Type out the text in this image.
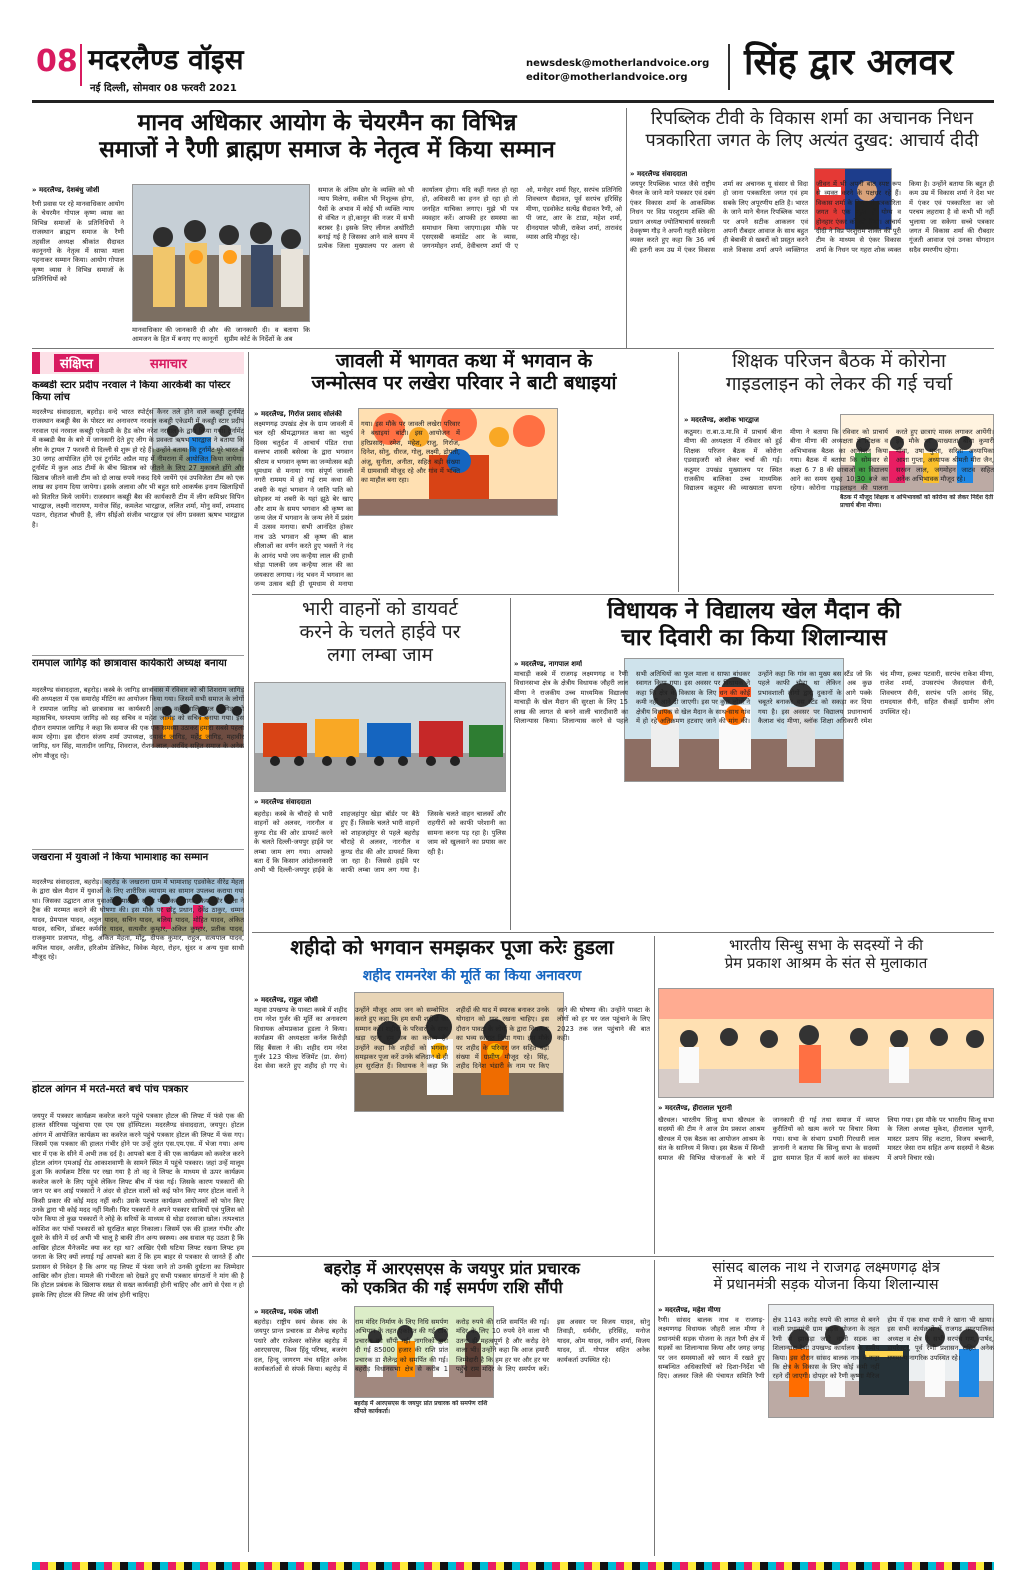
08 मदरलैण्ड वॉइस
नई दिल्ली, सोमवार 08 फरवरी 2021
newsdesk@motherlandvoice.org
editor@motherlandvoice.org सिंह द्वार अलवर
मानव अधिकार आयोग के चेयरमैन का विभिन्न
समाजों ने रैणी ब्राह्मण समाज के नेतृत्व में किया सम्मान
» मदरलैण्ड, देशबंधु जोशी
रैणी प्रवास पर रहे मानवाधिकार आयोग के चेयरमैन गोपाल कृष्ण व्यास का विभिन्न समाजों के प्रतिनिधियों ने राजस्थान ब्राह्मण समाज के रैणी तहसील अध्यक्ष श्रीकांत सैदावत कानूनगो के नेतृत्व में साफा माला पहनाकर सम्मान किया। आयोग गोपाल कृष्ण व्यास ने विभिन्न समाजों के प्रतिनिधियों को
मानवाधिकार की जानकारी दी और आमजन के हित में बनाए गए कानूनों की जानकारी दी। व बताया कि सुप्रीम कोर्ट के निर्देशों के अब
समाज के अंतिम छोर के व्यक्ति को भी न्याय मिलेगा, वकील भी निशुल्क होगा, पैसों के अभाव में कोई भी व्यक्ति न्याय से वंचित न हो,कानून की नजर में सभी बराबर है। इसके लिए लीगल अथॉरिटी बनाई गई है जिसका आने वाले समय में प्रत्येक जिला मुख्यालय पर अलग से कार्यालय होगा। यदि कहीं गलत हो रहा हो, अधिकारी का हनन हो रहा हो तो जनहित याचिका लगाए। मुझे भी पत्र व्यवहार करें। आपकी हर समस्या का समाधान किया जाएगा।इस मौके पर एसएसबी कमांडेंट आर के व्यास, जगनमोहन शर्मा, देवीचरण शर्मा पी ए ओ, मनोहर शर्मा रिहर, सरपंच प्रतिनिधि शिवचरण सैदावत, पूर्व सरपंच हरिसिंह मीणा, एडवोकेट सत्येंद्र सैदावत रैणी, ओ पी जाट, आर के टाडा, महेश शर्मा, दीनदयाल फौजी, राकेश शर्मा, तारावंद व्यास आदि मौजूद रहे।
रिपब्लिक टीवी के विकास शर्मा का अचानक निधन
पत्रकारिता जगत के लिए अत्यंत दुखद: आचार्य दीदी
» मदरलैण्ड संवाददाता
जयपुर रिपब्लिक भारत जैसे राष्ट्रीय चैनल के जाने माने पत्रकार एवं दबंग एंकर विकास शर्मा के आकस्मिक निधन पर विप्र परशुराम शक्ति की प्रधान अध्यक्ष ज्योतिषाचार्य सरस्वती देवकृष्ण गौड़ ने अपनी गहरी संवेदना व्यक्त करते हुए कहा कि 36 वर्ष की इतनी कम उम्र में एंकर विकास शर्मा का अचानक यू संसार से विदा हो जाना पत्रकारिता जगत एवं हम सबके लिए अपूरणीय क्षति है। भारत के जाने माने चैनल रिपब्लिक भारत पर अपने सटीक आकलन एवं अपनी रौबदार आवाज के साथ बहुत ही बेबाकी से खबरों को प्रस्तुत करने वाले विकास शर्मा अपने व्यक्तिगत जीवन में भी अपनी बात स्पष्ट रूप से व्यक्त करने के पक्षधर रहे हैं। विकास शर्मा के निधन से पत्रकारिता जगत ने एक बहुत ही योग्य व होनहार एंकर को खो दिया। आचार्य दीदी ने विप्र परशुराम शक्ति की पूरी टीम के माध्यम से एंकर विकास शर्मा के निधन पर गहरा शोक व्यक्त किया है। उन्होंने बताया कि बहुत ही कम उम्र में विकास शर्मा ने देश भर में एंकर एवं पत्रकारिता का जो परचम लहराया है वो कभी भी नहीं भुलाया जा सकेगा सच्चे पत्रकार जगत में विकास शर्मा की रौबदार गूंजती आवाज एवं उनका योगदान सदैव स्मरणीय रहेगा।
संक्षिप्त	समाचार
कब्बडी स्टार प्रदीप नरवाल ने किया आरकेबी का पोस्टर किया लांच
मदरलैण्ड संवाददाता, बहरोड़। वन्दे भारत स्पोर्ट्स कैनर तले होने वाले कबड्डी टूर्नामेंट राजस्थान कबड्डी बैस के पोस्टर का अनावरण नरवाल कबड्डी एकेडमी में कबड्डी स्टार प्रदीप नरवाल एवं नरवाल कबड्डी एकेडमी के हैड कोच नरेश नरवाल के द्वारा किया गया। टूर्नामेंट में कब्बडी बैस के बारे में जानकारी देते हुए लीग के प्रवक्ता ऋषभ भारद्वाज ने बताया कि लीग के ट्रायल 7 फरवरी से दिल्ली से शुरू हो रहे हैं। उन्होंने बताया कि टूर्नामेंट पूरे भारत में 30 जगह आयोजित होंगे एवं टूर्नामेंट अप्रैल माह में नीमराना में आयोजित किया जायेगा। टूर्नामेंट में कुल आठ टीमों के बीच खिताब को जीतने के लिए 27 मुकाबले होंगे और खिताब जीतने वाली टीम को दो लाख रुपये नकद दिये जायेंगे एवं उपविजेता टीम को एक लाख का इनाम दिया जायेगा। इसके अलावा और भी बहुत सारे आकर्षक इनाम खिलाड़ियों को वितरित किये जायेंगे। राजस्थान कबड्डी बैस की कार्यकारी टीम में लीग कमिश्नर विपिन भारद्वाज, लक्ष्मी नारायण, मनोज सिंह, कमलेश भारद्वाज, ललित शर्मा, मोनु वर्मा, शमशाद पठान, रोहताश चौधरी है, लीग सीईओ संजीव भारद्वाज एवं लीग प्रवक्ता ऋषभ भारद्वाज है।
रामपाल जागिड़ को छात्रावास कार्यकारी अध्यक्ष बनाया
मदरलैण्ड संवाददाता, बहरोड़। कस्बे के जागिड़ छात्रावास में रविवार को श्री शिशराम जागिड़ की अध्यक्षता में एक समारोह मीटिंग का आयोजन किया गया। जिसमें सभी समाज के लोगों ने रामपाल जागिड़ को छात्रावास का कार्यकारी अध्यक्ष वहीं शालितलाल जागिड़ को महासचिव, घनश्याम जागिड़ को सह सचिव व महेश जागिड़ को सचिव बनाया गया। इस दौरान रामपाल जागिड़ ने कहा कि समाज की एक एक समस्या उठाकर हमारा सबसे पहला काम रहेगा। इस दौरान संजय शर्मा उपाध्यक्ष, दयावंत जागिड़, महेंद्र जागिड़, महावीर जागिड़, धन सिंह, मातादीन जागिड़, शिवराज, रोशन लाल, अरविंद सहित समाज के अनेक लोग मौजूद रहे।
जखराना में युवाओं ने किया भामाशाह का सम्मान
मदरलैण्ड संवाददाता, बहरोड़। बहरोड़ के जखराना ग्राम में भामाशाह एडवोकेट वीरेंद्र मेहता के द्वारा खेल मैदान में युवाओं के लिए शारीरिक व्यायाम का सामान उपलब्ध कराया गया था। जिसका उद्घाटन आज युवाओं ने माला व साफा पहनाकर स्वागत किया और मेहता ने ट्रैक की मरम्मत कराने की घोषणा की। इस मौके पर छोटू प्रधान, देवेंद्र ठाकुर, धम्मन यादव, प्रेमपाल यादव, अतुल यादव, सचिन यादव, बलिया यादव, मोहित यादव, अंकित यादव, सचिन, डॉक्टर कर्मवीर यादव, सत्यवीर कुम्हार, अंकित कुम्हार, प्रतीक यादव, राजकुमार प्रजापत, गोलु, अंकित मेहता, मोंटू, दीपक कुमार, राहुल, सत्यपाल यादव, कपिल यादव, अजीत, हरिओम डेलिकेट, विवेक मेहरा, रोहन, सुंदर व अन्य युवा साथी मौजूद रहे।
होटल आंगन में मरते-मरते बचे पांच पत्रकार
जयपुर में पत्रकार कार्यक्रम कवरेज करने पहुंचे पत्रकार होटल की लिफ्ट में फंसे एक की हालत सीरियस पहुंचाया एस एम एस हॉस्पिटल। मदरलैण्ड संवाददाता, जयपुर। होटल आंगन में आयोजित कार्यक्रम का कवरेज करने पहुंचे पत्रकार होटल की लिफ्ट में फंस गए। जिसमें एक पत्रकार की हालत गंभीर होने पर उन्हें तुरंत एस.एम.एस. में भेजा गया। अन्य चार में एक के सीने में अभी तक दर्द है। आपको बता दें की एक कार्यक्रम को कवरेज करने होटल आंगन एमआई रोड आकाशवाणी के सामने स्थित में पहुंचे पत्रकार। जहां उन्हें मालूम हुआ कि कार्यक्रम टैरिस पर रखा गया है तो वह वे लिफ्ट के माध्यम से ऊपर कार्यक्रम कवरेज करने के लिए पहुंचे लेकिन लिफ्ट बीच में फंस गई। जिसके कारण पत्रकारों की जान पर बन आई पत्रकारों ने अंदर से होटल वालों को कई फोन किए मगर होटल वालों ने किसी प्रकार की कोई मदद नहीं करी। उसके पश्चात कार्यक्रम आयोजकों को फोन किए उनके द्वारा भी कोई मदद नहीं मिली। फिर पत्रकारों ने अपने पत्रकार साथियों एवं पुलिस को फोन किया तो कुछ पत्रकारों ने लोहे के सरियों के माध्यम से थोड़ा दरवाजा खोल। तत्पश्चात कोशिश कर पांचों पत्रकारों को सुरक्षित बाहर निकाला। जिसमें एक की हालत गंभीर और दूसरे के सीने में दर्द अभी भी चालू है बाकी तीन अन्य स्वस्थ्य। अब सवाल यह उठता है कि आखिर होटल मैनेजमेंट क्या कर रहा था? आखिर ऐसी घटिया लिफ्ट रखना लिफ्ट हम जनता के लिए क्यों लगाई गई आपको बता दें कि हम बाहर से पत्रकार से जानते हैं और प्रशासन से निवेदन है कि अगर यह लिफ्ट में फंसा जाने तो उनकी दुर्घटना का जिम्मेदार आखिर कौन होता। मामले की गंभीरता को देखते हुए सभी पत्रकार संगठनों ने मांग की है कि होटल प्रबंधक के खिलाफ सख्त से सख्त कार्यवाही होनी चाहिए और आगे से ऐसा न हो इसके लिए होटल की लिफ्ट की जांच होनी चाहिए।
जावली में भागवत कथा में भगवान के
जन्मोत्सव पर लखेरा परिवार ने बाटी बधाइयां
» मदरलैण्ड, गिर्राज प्रसाद सोलंकी
लक्ष्मणगढ़ उपखंड क्षेत्र के ग्राम जावली में चल रही श्रीमद्भागवत कथा का चतुर्थ दिवस चतुर्दश में आचार्य पंडित राधा वल्लभ शास्त्री बसेरबा के द्वारा भगवान श्रीराम व भगवान कृष्ण का जन्मोत्सव बड़ी धूमधाम से मनाया गया संपूर्ण जावली नगरी राममय में हो गई राम कथा की शबरी के यहां भगवान ने जाति पाति को छोड़कर मां शबरी के यहां झूठे बेर खाए और शाम के समय भगवान श्री कृष्ण का जन्म जेल में भगवान के जन्म लेने में प्रसंग में उत्सव मनाया। सभी आनंदित होकर नाच उठे भगवान श्री कृष्ण की बाल लीलाओं का वर्णन करते हुए भक्तों ने नंद के आनंद भयो जय कन्हैया लाल की हाथी घोड़ा पालकी जय कन्हैया लाल की का जयकारा लगाया। नंद भवन में भगवान का जन्म उत्सव बड़ी ही धूमधाम से मनाया गया। इस मौके पर जावली लखेरा परिवार ने बधाइयां बांटी। इस आयोजन में हरिप्रसाद, रमेश, महेश, राजु, गिर्राज, दिनेश, सोनु, धीरज, गोलु, लक्ष्मी, द्रोपती, अंजू, सुनीता, अनीता, सहित बड़ी संख्या में ग्रामवासी मौजूद रहे और गांव में भक्ति का माहौल बना रहा।
शिक्षक परिजन बैठक में कोरोना
गाइडलाइन को लेकर की गई चर्चा
» मदरलैण्ड, अशोक भारद्वाज
बैठक में मौजूद शिक्षक व अभिभावकों को कोरोना को लेकर निर्देश देती प्राचार्य बीना मीणा।
कठूमर। रा.बा.उ.मा.वि में प्राचार्य बीना मीणा की अध्यक्षता में रविवार को हुई शिक्षक परिजन बैठक में कोरोना एडवाइजरी को लेकर चर्चा की गई। कठूमर उपखंड मुख्यालय पर स्थित राजकीय बालिका उच्च माध्यमिक विद्यालय कठूमर की व्याख्याता सपना मीणा ने बताया कि रविवार को प्राचार्य बीना मीणा की अध्यक्षता में शिक्षक व अभिभावक बैठक का आयोजन किया गया। बैठक में बताया कि सोमवार से कक्षा 6 7 8 की छात्राओं का विद्यालय आने का समय सुबह 10:30 बजे का रहेगा। कोरोना गाइडलाइन की पालना करते हुए छात्राएं मास्क लगाकर आयेंगी। इस मौके पर व्याख्याता बीना कुमारी मीना, उषा गुप्ता, सरिता अध्यापिका आशा गुप्ता, अध्यापक श्रीमती मीरा जैन, सरवन लाल, जगमोहन जाटव सहित अनेक अभिभावक मौजूद रहे।
भारी वाहनों को डायवर्ट
करने के चलते हाईवे पर
लगा लम्बा जाम
» मदरलैण्ड संवाददाता
बहरोड़। कस्बे के चौराहे से भारी वाहनों को अलवर, नारनौल व कुण्ड रोड की ओर डायवर्ट करने के चलते दिल्ली-जयपुर हाईवे पर लम्बा जाम लग गया। आपको बता दें कि किसान आंदोलनकारी अभी भी दिल्ली-जयपुर हाईवे के शाहजहांपुर खेड़ा बॉर्डर पर बैठे हुए हैं। जिसके चलते भारी वाहनों को शाहजहांपुर से पहले बहरोड़ चौराहे से अलवर, नारनौल व कुण्ड रोड की ओर डायवर्ट किया जा रहा है। जिससे हाईवे पर काफी लम्बा जाम लग गया है। जिसके चलते वाहन चालकों और राहगीरों को काफी परेशानी का सामना करना पड़ रहा है। पुलिस जाम को खुलवाने का प्रयास कर रही है।
विधायक ने विद्यालय खेल मैदान की
चार दिवारी का किया शिलान्यास
» मदरलैण्ड, नागपाल शर्मा
माचाड़ी कस्बे में राजगढ़ लक्ष्मणगढ़ व रैणी विधानसभा क्षेत्र के क्षेत्रीय विधायक जौहरी लाल मीणा ने राजकीय उच्च माध्यमिक विद्यालय माचाड़ी के खेल मैदान की सुरक्षा के लिए 15 लाख की लागत से बनने वाली चारदीवारी का शिलान्यास किया। शिलान्यास करने से पहले सभी अतिथियों का फूल माला व साफा बांधकर स्वागत किया गया। इस अवसर पर विधायक ने कहा कि क्षेत्र के विकास के लिए धन की कोई कमी नहीं आने दी जाएगी। इस पर कुछ लोगों ने क्षेत्रीय विधायक से खेल मैदान के साथ-साथ गांव में हो रहे अतिक्रमण हटवाए जाने की मांग की। उन्होंने कहा कि गांव का मुख्य बस स्टैंड जो कि पहले काफी चौड़ा था लेकिन अब कुछ प्रभावशाली लोगों द्वारा दुकानों के आगे पक्के चबूतरे बनाकर बस स्टैंड को सकड़ा कर दिया गया है। इस अवसर पर विद्यालय प्रधानाचार्य कैलाश चंद मीणा, ब्लॉक शिक्षा अधिकारी रमेश चंद मीणा, हल्का पटवारी, सरपंच राकेश मीणा, राजेश शर्मा, उपसरपंच जैवदयाल सैनी, शिवचरण सैनी, सरपंच पति आनंद सिंह, रामदयाल सैनी, सहित सैकड़ों ग्रामीण लोग उपस्थित रहे।
शहीदो को भगवान समझकर पूजा करेः हुडला
शहीद रामनरेश की मूर्ति का किया अनावरण
» मदरलैण्ड, राहुल जोशी
महवा उपखण्ड के पावटा कस्बे में शहीद राम नरेश गुर्जर की मूर्ति का अनावरण विधायक ओमप्रकाश हुडला ने किया। कार्यक्रम की अध्यक्षता कर्नल किरोड़ी सिंह बैंसला ने की। शहीद राम नरेश गुर्जर 123 फील्ड रेजिमेंट (प्रा. सेना) देश सेवा करते हुए शहीद हो गए थे। उन्होंने मौजूद आम जन को सम्बोधित करते हुए कहा कि हम सभी शहीदों का सम्मान करें। शहीदों के परिवारों के साथ खड़ा रहना हम सब का कर्तव्य है। उन्होंने कहा कि शहीदों को भगवान समझकर पूजा करें उनके बलिदान से ही हम सुरक्षित हैं। विधायक ने कहा कि शहीदों की याद में स्मारक बनाकर उनके योगदान को याद रखना चाहिए। इस दौरान पावटा के लोगों के द्वारा विधायक का भव्य स्वागत किया गया। इस मौके पर शहीद के परिवार जन सहित बड़ी संख्या में ग्रामीण मौजूद रहे। सिंह, शहीद दिनेश भंडारी के नाम पर किए जाने की घोषणा की। उन्होंने पावटा के लोगों को हर घर जल पहुंचाने के लिए 2023 तक जल पहुंचाने की बात कही।
भारतीय सिन्धु सभा के सदस्यों ने की
प्रेम प्रकाश आश्रम के संत से मुलाकात
» मदरलैण्ड, हीरालाल भूरानी
खैरथल। भारतीय सिन्धु सभा खैरथल के सदस्यों की टीम ने आज प्रेम प्रकाश आश्रम खैरथल में एक बैठक का आयोजन आश्रम के संत के सानिध्य में किया। इस बैठक में सिन्धी समाज की विभिन्न योजनाओं के बारे में जानकारी दी गई तथा समाज में व्याप्त कुरीतियों को खत्म करने पर विचार किया गया। सभा के संभाग प्रभारी गिरधारी लाल ज्ञानानी ने बताया कि सिन्धु सभा के सदस्यों द्वारा समाज हित में कार्य करने का संकल्प लिया गया। इस मौके पर भारतीय सिन्धु सभा के जिला अध्यक्ष मुकेश, हीरालाल भूरानी, मास्टर प्रताप सिंह कटारा, विजय बच्चानी, मास्टर जेसा राम सहित अन्य सदस्यों ने बैठक में अपने विचार रखे।
बहरोड़ में आरएसएस के जयपुर प्रांत प्रचारक
को एकत्रित की गई समर्पण राशि सौंपी
» मदरलैण्ड, मयंक जोशी
बहरोड़ में आरएसएस के जयपुर प्रांत प्रचारक को समर्पण राशि सौंपते कार्यकर्ता।
बहरोड़। राष्ट्रीय स्वयं सेवक संघ के जयपुर प्रान्त प्रचारक डा शैलेन्द्र बहरोड़ पधारे और राजेश्वर कॉलेज बहरोड़ में आरएसएस, विश्व हिंदू परिषद, बजरंग दल, हिन्दू जागरण मंच सहित अनेक कार्यकर्ताओं से संपर्क किया। बहरोड़ में राम मंदिर निर्माण के लिए निधि समर्पण अभियान के तहत एकत्रित की गई राशि प्रचारक को सौंपी गई। नागरिकों द्वारा दी गई 85000 हजार की राशि प्रांत प्रचारक डा शैलेन्द्र को समर्पित की गई। बहरोड़ विधानसभा क्षेत्र से करीब 1 करोड़ रुपये की राशि समर्पित की गई। मंदिर के लिए 10 रुपये देने वाला भी उतना ही महत्वपूर्ण है और करोड़ देने वाला भी। उन्होंने कहा कि आज हमारी जिम्मेदारी है कि हम हर घर और हर घर पहुँचे राम मंदिर के लिए समर्पण करें। इस अवसर पर विजय यादव, सोनु तिवाड़ी, धर्मवीर, हरिसिंह, मनोज यादव, ओम यादव, नवीन शर्मा, विजय यादव, डॉ. गोपाल सहित अनेक कार्यकर्ता उपस्थित रहे।
सांसद बालक नाथ ने राजगढ़ लक्ष्मणगढ़ क्षेत्र
में प्रधानमंत्री सड़क योजना किया शिलान्यास
» मदरलैण्ड, महेश मीणा
रैणी। सांसद बालक नाथ व राजगढ़-लक्ष्मणगढ़ विधायक जौहरी लाल मीणा ने प्रधानमंत्री सड़क योजना के तहत रैणी क्षेत्र में सड़कों का शिलान्यास किया और जगह जगह पर जन समस्याओं को ध्यान में रखते हुए सम्बन्धित अधिकारियों को दिशा-निर्देश भी दिए। अलवर जिले की पंचायत समिति रैणी क्षेत्र 1143 करोड़ रुपये की लागत से बनने वाली प्रधानमंत्री ग्राम सड़क योजना के तहत रैणी से झाकड़ा जाने वाली सड़क का शिलान्यास रैणी उपखण्ड कार्यालय के समीप किया। इस दौरान सांसद बालक नाथ ने कहा कि क्षेत्र के विकास के लिए कोई कमी नहीं रहने दी जाएगी। दोपहर को रैणी कृष्णा मैरिज होम में एक सभा सभी ने खाना भी खाया। इस सभी कार्यक्रमों में राजगढ़ नगरपालिका अध्यक्ष व क्षेत्र के सभी सरपंच गण, पार्षद, डायरेक्टर, पूर्व रैणी प्रशासन सहित अनेक गणमान्य नागरिक उपस्थित रहे।
